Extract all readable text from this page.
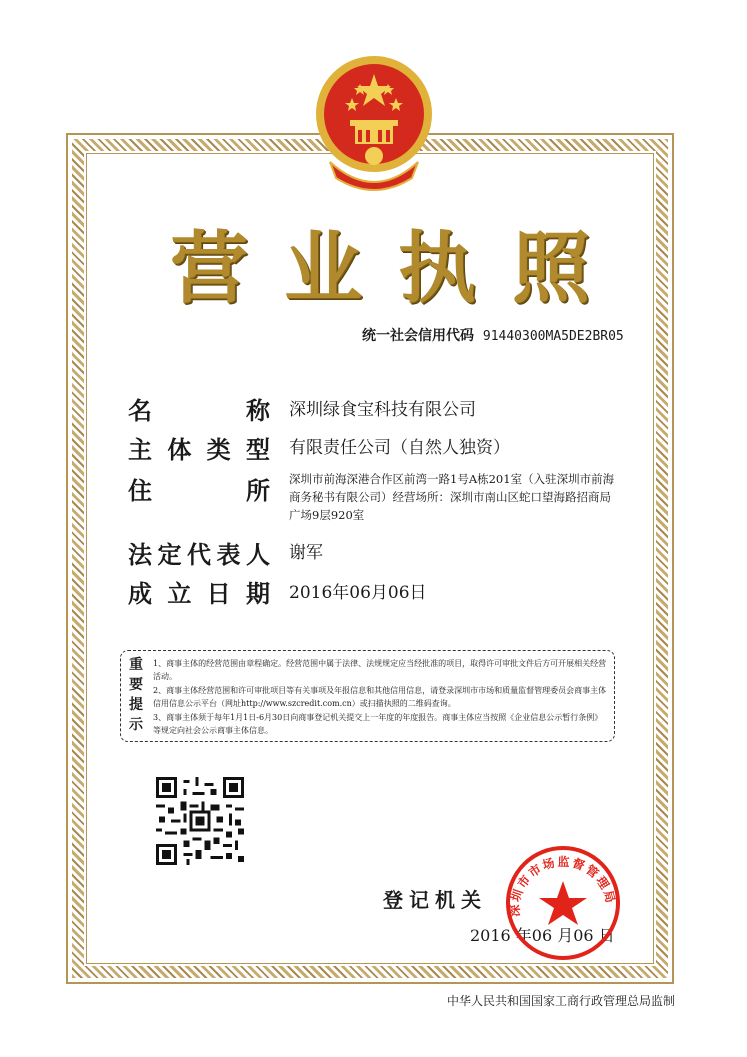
营 业 执 照
统一社会信用代码 91440300MA5DE2BR05
名	称 深圳绿食宝科技有限公司
主 体 类 型 有限责任公司（自然人独资）
住	所 深圳市前海深港合作区前湾一路1号A栋201室（入驻深圳市前海商务秘书有限公司）经营场所：深圳市南山区蛇口望海路招商局广场9层920室
法 定 代 表 人 谢军
成 立 日 期 2016年06月06日
重
要
提
示

1、商事主体的经营范围由章程确定。经营范围中属于法律、法规规定应当经批准的项目，取得许可审批文件后方可开展相关经营活动。

2、商事主体经营范围和许可审批项目等有关事项及年报信息和其他信用信息，请登录深圳市市场和质量监督管理委员会商事主体信用信息公示平台（网址http://www.szcredit.com.cn）或扫描执照的二维码查询。

3、商事主体须于每年1月1日-6月30日向商事登记机关提交上一年度的年度报告。商事主体应当按照《企业信息公示暂行条例》等规定向社会公示商事主体信息。

登记机关
2016 年06 月06 日
深圳市市场监督管理局
中华人民共和国国家工商行政管理总局监制
